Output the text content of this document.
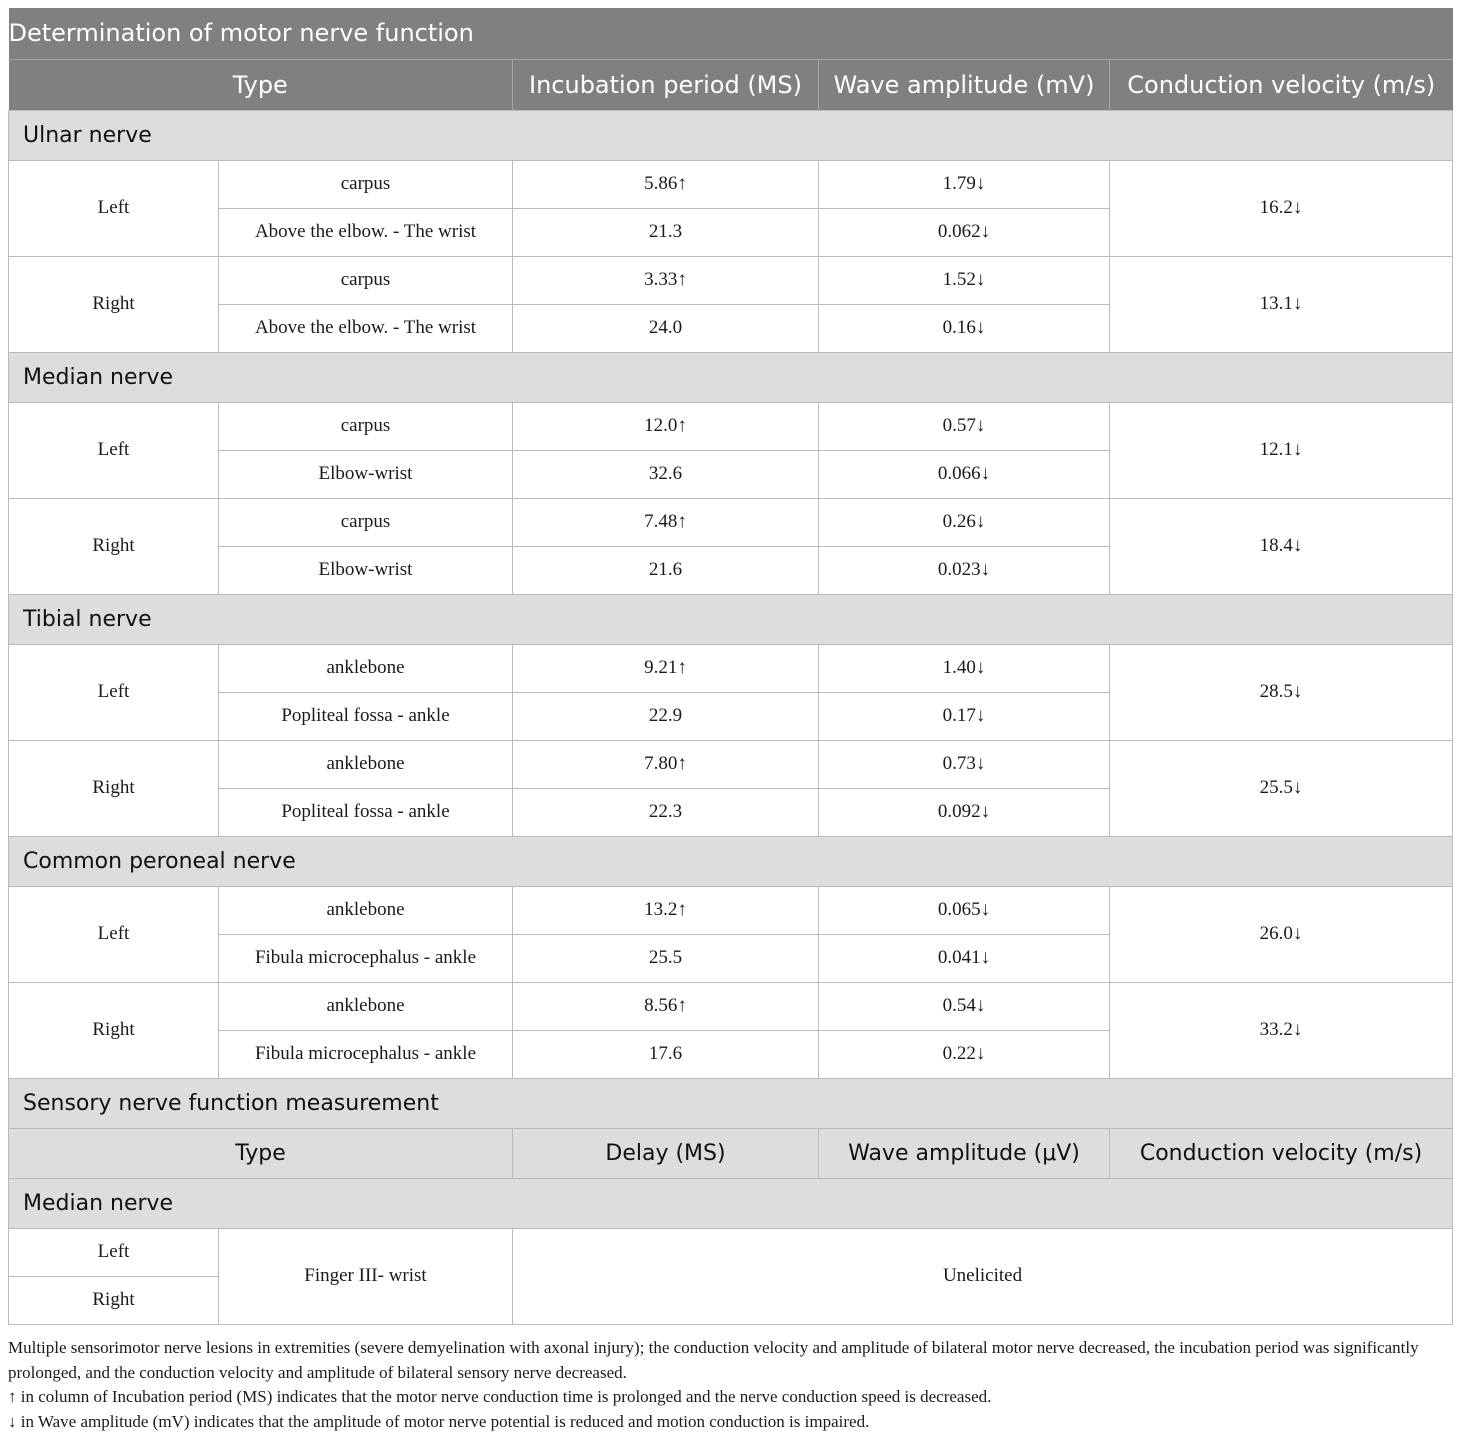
Determination of motor nerve function				
Type		Incubation period (MS)	Wave amplitude (mV)	Conduction velocity (m/s)
Ulnar nerve				
Left	carpus	5.86↑	1.79↓	16.2↓
	Above the elbow. - The wrist	21.3	0.062↓	
Right	carpus	3.33↑	1.52↓	13.1↓
	Above the elbow. - The wrist	24.0	0.16↓	
Median nerve				
Left	carpus	12.0↑	0.57↓	12.1↓
	Elbow-wrist	32.6	0.066↓	
Right	carpus	7.48↑	0.26↓	18.4↓
	Elbow-wrist	21.6	0.023↓	
Tibial nerve				
Left	anklebone	9.21↑	1.40↓	28.5↓
	Popliteal fossa - ankle	22.9	0.17↓	
Right	anklebone	7.80↑	0.73↓	25.5↓
	Popliteal fossa - ankle	22.3	0.092↓	
Common peroneal nerve				
Left	anklebone	13.2↑	0.065↓	26.0↓
	Fibula microcephalus - ankle	25.5	0.041↓	
Right	anklebone	8.56↑	0.54↓	33.2↓
	Fibula microcephalus - ankle	17.6	0.22↓	
Sensory nerve function measurement				
Type		Delay (MS)	Wave amplitude (μV)	Conduction velocity (m/s)
Median nerve				
Left	Finger III- wrist	Unelicited		
Right				

Multiple sensorimotor nerve lesions in extremities (severe demyelination with axonal injury); the conduction velocity and amplitude of bilateral motor nerve decreased, the incubation period was significantly prolonged, and the conduction velocity and amplitude of bilateral sensory nerve decreased.

↑ in column of Incubation period (MS) indicates that the motor nerve conduction time is prolonged and the nerve conduction speed is decreased.

↓ in Wave amplitude (mV) indicates that the amplitude of motor nerve potential is reduced and motion conduction is impaired.
